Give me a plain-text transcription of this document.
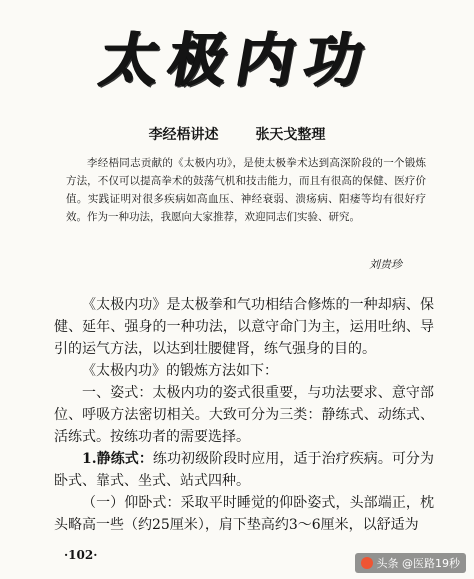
太极内功
李经梧讲述	张天戈整理
李经梧同志贡献的《太极内功》，是使太极拳术达到高深阶段的一个锻炼方法，不仅可以提高拳术的鼓荡气机和技击能力，而且有很高的保健、医疗价值。实践证明对很多疾病如高血压、神经衰弱、溃疡病、阳痿等均有很好疗效。作为一种功法，我愿向大家推荐，欢迎同志们实验、研究。
刘贵珍

《太极内功》是太极拳和气功相结合修炼的一种却病、保健、延年、强身的一种功法，以意守命门为主，运用吐纳、导引的运气方法，以达到壮腰健肾，练气强身的目的。

《太极内功》的锻炼方法如下：

一、姿式：太极内功的姿式很重要，与功法要求、意守部位、呼吸方法密切相关。大致可分为三类：静练式、动练式、活练式。按练功者的需要选择。

1.静练式：练功初级阶段时应用，适于治疗疾病。可分为卧式、靠式、坐式、站式四种。

（一）仰卧式：采取平时睡觉的仰卧姿式，头部端正，枕头略高一些（约25厘米），肩下垫高约3～6厘米，以舒适为

·102·
头条 @医路19秒
